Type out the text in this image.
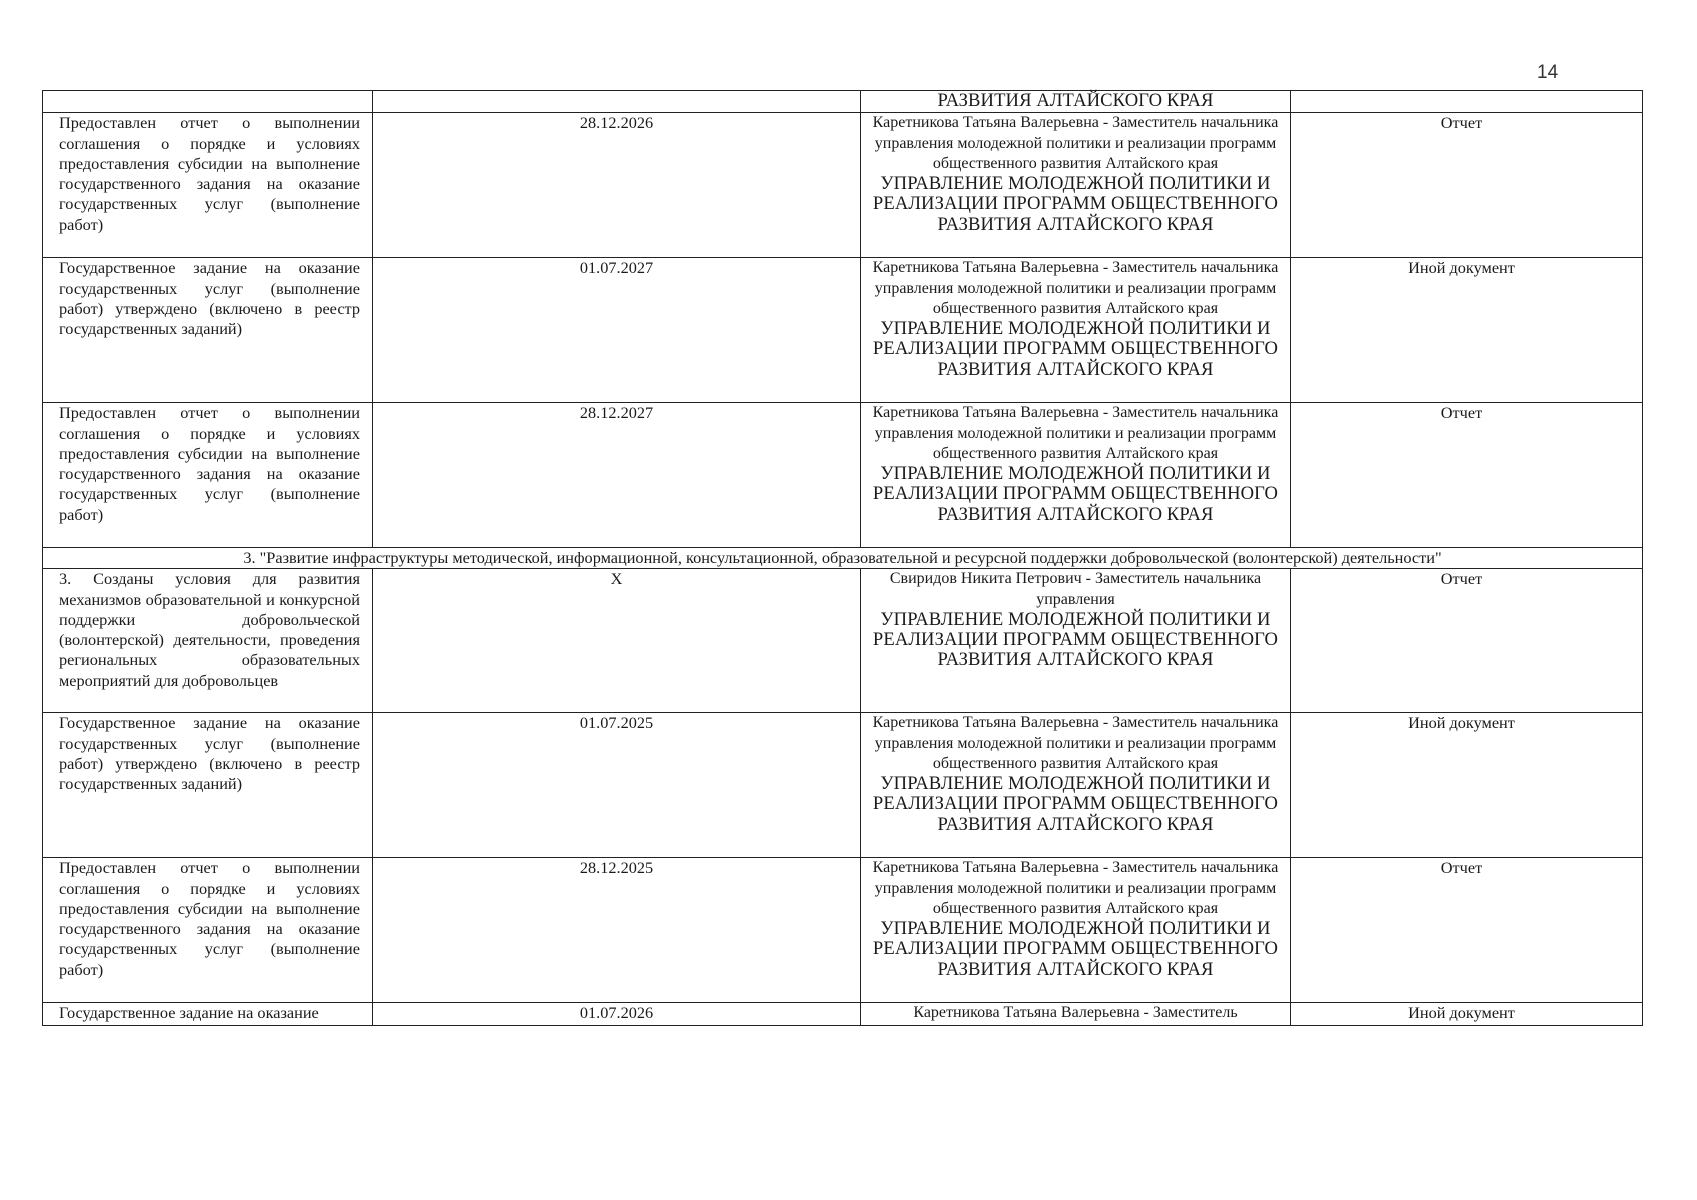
14

		РАЗВИТИЯ АЛТАЙСКОГО КРАЯ	

Предоставлен отчет о выполнении соглашения о порядке и условиях предоставления субсидии на выполнение государственного задания на оказание государственных услуг (выполнение работ)	28.12.2026	Каретникова Татьяна Валерьевна - Заместитель начальника управления молодежной политики и реализации программ общественного развития Алтайского края
УПРАВЛЕНИЕ МОЛОДЕЖНОЙ ПОЛИТИКИ И РЕАЛИЗАЦИИ ПРОГРАММ ОБЩЕСТВЕННОГО РАЗВИТИЯ АЛТАЙСКОГО КРАЯ	Отчет
Государственное задание на оказание государственных услуг (выполнение работ) утверждено (включено в реестр государственных заданий)	01.07.2027	Каретникова Татьяна Валерьевна - Заместитель начальника управления молодежной политики и реализации программ общественного развития Алтайского края
УПРАВЛЕНИЕ МОЛОДЕЖНОЙ ПОЛИТИКИ И РЕАЛИЗАЦИИ ПРОГРАММ ОБЩЕСТВЕННОГО РАЗВИТИЯ АЛТАЙСКОГО КРАЯ	Иной документ
Предоставлен отчет о выполнении соглашения о порядке и условиях предоставления субсидии на выполнение государственного задания на оказание государственных услуг (выполнение работ)	28.12.2027	Каретникова Татьяна Валерьевна - Заместитель начальника управления молодежной политики и реализации программ общественного развития Алтайского края
УПРАВЛЕНИЕ МОЛОДЕЖНОЙ ПОЛИТИКИ И РЕАЛИЗАЦИИ ПРОГРАММ ОБЩЕСТВЕННОГО РАЗВИТИЯ АЛТАЙСКОГО КРАЯ	Отчет
3. "Развитие инфраструктуры методической, информационной, консультационной, образовательной и ресурсной поддержки добровольческой (волонтерской) деятельности"			
3. Созданы условия для развития механизмов образовательной и конкурсной поддержки добровольческой (волонтерской) деятельности, проведения региональных образовательных мероприятий для добровольцев	X	Свиридов Никита Петрович - Заместитель начальника управления
УПРАВЛЕНИЕ МОЛОДЕЖНОЙ ПОЛИТИКИ И РЕАЛИЗАЦИИ ПРОГРАММ ОБЩЕСТВЕННОГО РАЗВИТИЯ АЛТАЙСКОГО КРАЯ	Отчет
Государственное задание на оказание государственных услуг (выполнение работ) утверждено (включено в реестр государственных заданий)	01.07.2025	Каретникова Татьяна Валерьевна - Заместитель начальника управления молодежной политики и реализации программ общественного развития Алтайского края
УПРАВЛЕНИЕ МОЛОДЕЖНОЙ ПОЛИТИКИ И РЕАЛИЗАЦИИ ПРОГРАММ ОБЩЕСТВЕННОГО РАЗВИТИЯ АЛТАЙСКОГО КРАЯ	Иной документ
Предоставлен отчет о выполнении соглашения о порядке и условиях предоставления субсидии на выполнение государственного задания на оказание государственных услуг (выполнение работ)	28.12.2025	Каретникова Татьяна Валерьевна - Заместитель начальника управления молодежной политики и реализации программ общественного развития Алтайского края
УПРАВЛЕНИЕ МОЛОДЕЖНОЙ ПОЛИТИКИ И РЕАЛИЗАЦИИ ПРОГРАММ ОБЩЕСТВЕННОГО РАЗВИТИЯ АЛТАЙСКОГО КРАЯ	Отчет
Государственное задание на оказание	01.07.2026	Каретникова Татьяна Валерьевна - Заместитель	Иной документ
